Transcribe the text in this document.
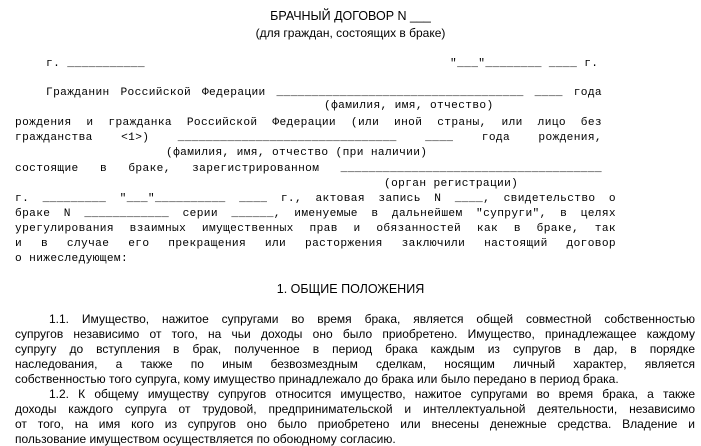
БРАЧНЫЙ ДОГОВОР N ___
(для граждан, состоящих в браке)
г. ___________	"___"________ ____ г.
Гражданин Российской Федерации ___________________________________ ____ года
(фамилия, имя, отчество)
рождения и гражданка Российской Федерации (или иной страны, или лицо без
гражданства <1>) _______________________________ ____ года рождения,
(фамилия, имя, отчество (при наличии)
состоящие в браке, зарегистрированном _____________________________________
(орган регистрации)
г. _________ "___"__________ ____ г., актовая запись N ____, свидетельство о
браке N ____________ серии ______, именуемые в дальнейшем "супруги", в целях
урегулирования взаимных имущественных прав и обязанностей как в браке, так
и в случае его прекращения или расторжения заключили настоящий договор
о нижеследующем:
1. ОБЩИЕ ПОЛОЖЕНИЯ
1.1. Имущество, нажитое супругами во время брака, является общей совместной собственностью
супругов независимо от того, на чьи доходы оно было приобретено. Имущество, принадлежащее каждому
супругу до вступления в брак, полученное в период брака каждым из супругов в дар, в порядке
наследования, а также по иным безвозмездным сделкам, носящим личный характер, является
собственностью того супруга, кому имущество принадлежало до брака или было передано в период брака.
1.2. К общему имуществу супругов относится имущество, нажитое супругами во время брака, а также
доходы каждого супруга от трудовой, предпринимательской и интеллектуальной деятельности, независимо
от того, на имя кого из супругов оно было приобретено или внесены денежные средства. Владение и
пользование имуществом осуществляется по обоюдному согласию.
